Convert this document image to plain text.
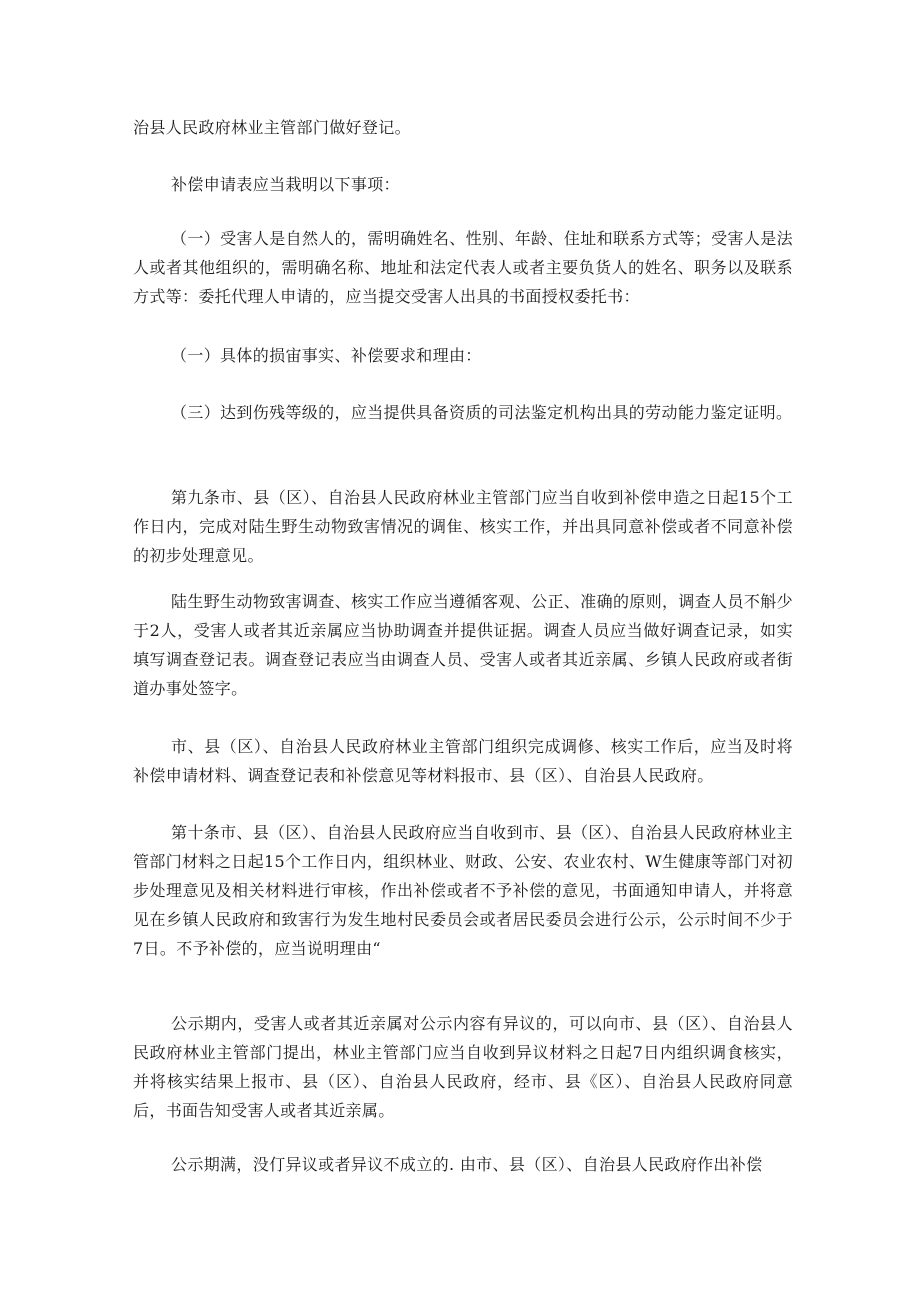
治县人民政府林业主管部门做好登记。

补偿申请表应当栽明以下事项：

（一）受害人是自然人的，需明确姓名、性别、年龄、住址和联系方式等；受害人是法人或者其他组织的，需明确名称、地址和法定代表人或者主要负货人的姓名、职务以及联系方式等：委托代理人申请的，应当提交受害人出具的书面授权委托书：

（一）具体的损宙事实、补偿要求和理由：

（三）达到伤残等级的，应当提供具备资质的司法鉴定机构出具的劳动能力鉴定证明。

第九条市、县（区）、自治县人民政府林业主管部门应当自收到补偿申造之日起15个工作日内，完成对陆生野生动物致害情况的调隹、核实工作，并出具同意补偿或者不同意补偿的初步处理意见。

陆生野生动物致害调查、核实工作应当遵循客观、公正、准确的原则，调查人员不斛少于2人，受害人或者其近亲属应当协助调查并提供证据。调查人员应当做好调查记录，如实填写调查登记表。调查登记表应当由调查人员、受害人或者其近亲属、乡镇人民政府或者街道办事处签字。

市、县（区）、自治县人民政府林业主管部门组织完成调修、核实工作后，应当及时将补偿申请材料、调查登记表和补偿意见等材料报市、县（区）、自治县人民政府。

第十条市、县（区）、自治县人民政府应当自收到市、县（区）、自治县人民政府林业主管部门材料之日起15个工作日内，组织林业、财政、公安、农业农村、W生健康等部门对初步处理意见及相关材料进行审核，作出补偿或者不予补偿的意见，书面通知申请人，并将意见在乡镇人民政府和致害行为发生地村民委员会或者居民委员会进行公示，公示时间不少于7日。不予补偿的，应当说明理由“

公示期内，受害人或者其近亲属对公示内容有异议的，可以向市、县（区）、自治县人民政府林业主管部门提出，林业主管部门应当自收到异议材料之日起7日内组织调食核实，并将核实结果上报市、县（区）、自治县人民政府，经市、县《区）、自治县人民政府同意后，书面告知受害人或者其近亲属。

公示期满，没仃异议或者异议不成立的. 由市、县（区）、自治县人民政府作出补偿
